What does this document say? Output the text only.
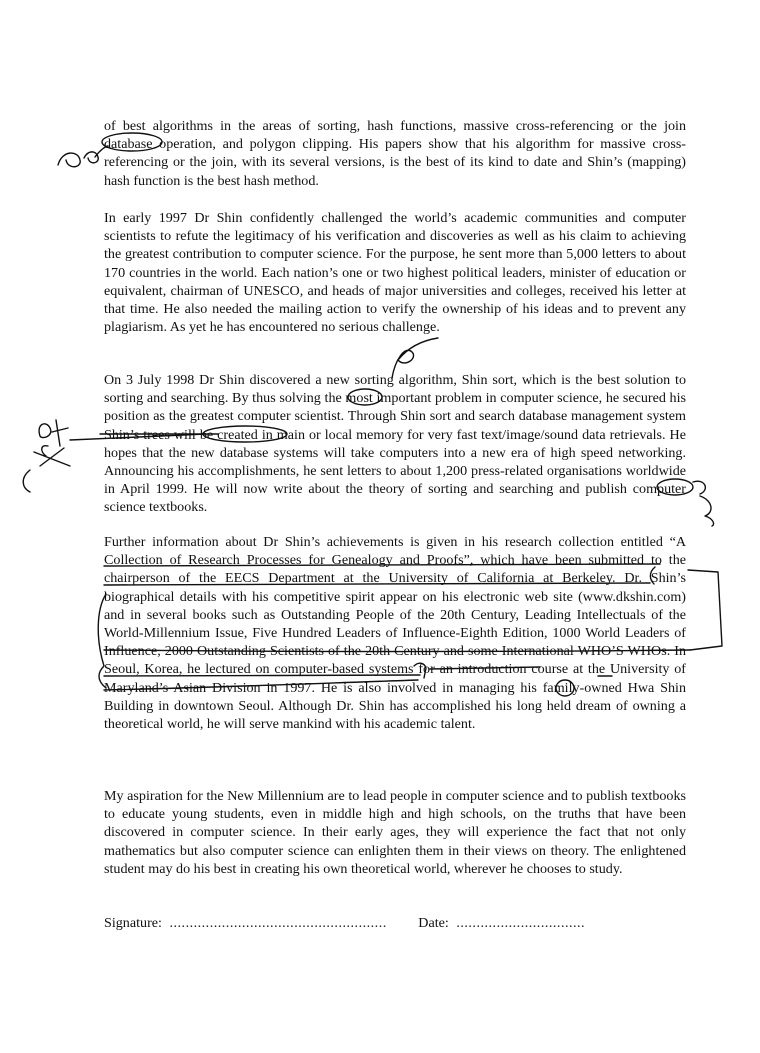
of best algorithms in the areas of sorting, hash functions, massive cross-referencing or the join database operation, and polygon clipping. His papers show that his algorithm for massive cross-referencing or the join, with its several versions, is the best of its kind to date and Shin’s (mapping) hash function is the best hash method.

In early 1997 Dr Shin confidently challenged the world’s academic communities and computer scientists to refute the legitimacy of his verification and discoveries as well as his claim to achieving the greatest contribution to computer science. For the purpose, he sent more than 5,000 letters to about 170 countries in the world. Each nation’s one or two highest political leaders, minister of education or equivalent, chairman of UNESCO, and heads of major universities and colleges, received his letter at that time. He also needed the mailing action to verify the ownership of his ideas and to prevent any plagiarism. As yet he has encountered no serious challenge.

On 3 July 1998 Dr Shin discovered a new sorting algorithm, Shin sort, which is the best solution to sorting and searching. By thus solving the most important problem in computer science, he secured his position as the greatest computer scientist. Through Shin sort and search database management system Shin’s trees will be created in main or local memory for very fast text/image/sound data retrievals. He hopes that the new database systems will take computers into a new era of high speed networking. Announcing his accomplishments, he sent letters to about 1,200 press-related organisations worldwide in April 1999. He will now write about the theory of sorting and searching and publish computer science textbooks.

Further information about Dr Shin’s achievements is given in his research collection entitled “A Collection of Research Processes for Genealogy and Proofs”, which have been submitted to the chairperson of the EECS Department at the University of California at Berkeley. Dr. Shin’s biographical details with his competitive spirit appear on his electronic web site (www.dkshin.com) and in several books such as Outstanding People of the 20th Century, Leading Intellectuals of the World-Millennium Issue, Five Hundred Leaders of Influence-Eighth Edition, 1000 World Leaders of Influence, 2000 Outstanding Scientists of the 20th Century and some International WHO’S WHOs. In Seoul, Korea, he lectured on computer-based systems for an introduction course at the University of Maryland’s Asian Division in 1997. He is also involved in managing his family-owned Hwa Shin Building in downtown Seoul. Although Dr. Shin has accomplished his long held dream of owning a theoretical world, he will serve mankind with his academic talent.

My aspiration for the New Millennium are to lead people in computer science and to publish textbooks to educate young students, even in middle high and high schools, on the truths that have been discovered in computer science. In their early ages, they will experience the fact that not only mathematics but also computer science can enlighten them in their views on theory. The enlightened student may do his best in creating his own theoretical world, wherever he chooses to study.

Signature: ...................................................... Date: ................................
